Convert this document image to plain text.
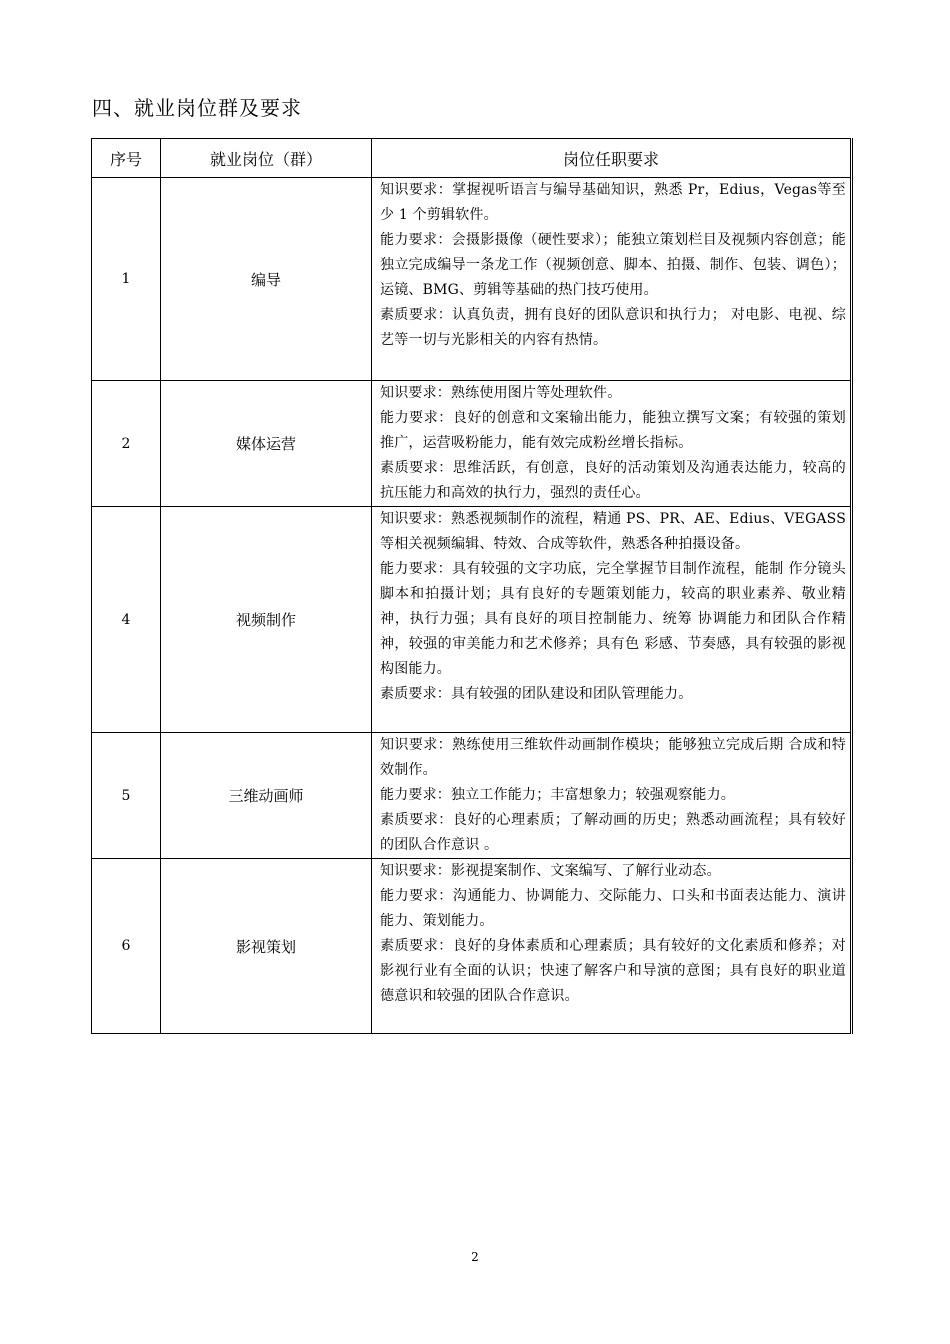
四、就业岗位群及要求
序号	就业岗位（群）	岗位任职要求
1	编导	知识要求：掌握视听语言与编导基础知识，熟悉 Pr，Edius，Vegas等至少 1 个剪辑软件。
能力要求：会摄影摄像（硬性要求）；能独立策划栏目及视频内容创意；能独立完成编导一条龙工作（视频创意、脚本、拍摄、制作、包装、调色）；运镜、BMG、剪辑等基础的热门技巧使用。
素质要求：认真负责，拥有良好的团队意识和执行力； 对电影、电视、综艺等一切与光影相关的内容有热情。

2	媒体运营	知识要求：熟练使用图片等处理软件。
能力要求：良好的创意和文案输出能力，能独立撰写文案；有较强的策划推广，运营吸粉能力，能有效完成粉丝增长指标。
素质要求：思维活跃，有创意，良好的活动策划及沟通表达能力，较高的抗压能力和高效的执行力，强烈的责任心。

4	视频制作	知识要求：熟悉视频制作的流程，精通 PS、PR、AE、Edius、VEGASS 等相关视频编辑、特效、合成等软件，熟悉各种拍摄设备。
能力要求：具有较强的文字功底，完全掌握节目制作流程，能制 作分镜头脚本和拍摄计划；具有良好的专题策划能力，较高的职业素养、敬业精神，执行力强；具有良好的项目控制能力、统筹 协调能力和团队合作精神，较强的审美能力和艺术修养；具有色 彩感、节奏感，具有较强的影视构图能力。
素质要求：具有较强的团队建设和团队管理能力。

5	三维动画师	知识要求：熟练使用三维软件动画制作模块；能够独立完成后期 合成和特效制作。
能力要求：独立工作能力；丰富想象力；较强观察能力。
素质要求：良好的心理素质；了解动画的历史；熟悉动画流程；具有较好的团队合作意识 。

6	影视策划	知识要求：影视提案制作、文案编写、了解行业动态。
能力要求：沟通能力、协调能力、交际能力、口头和书面表达能力、演讲能力、策划能力。
素质要求：良好的身体素质和心理素质；具有较好的文化素质和修养；对影视行业有全面的认识；快速了解客户和导演的意图；具有良好的职业道德意识和较强的团队合作意识。
2
